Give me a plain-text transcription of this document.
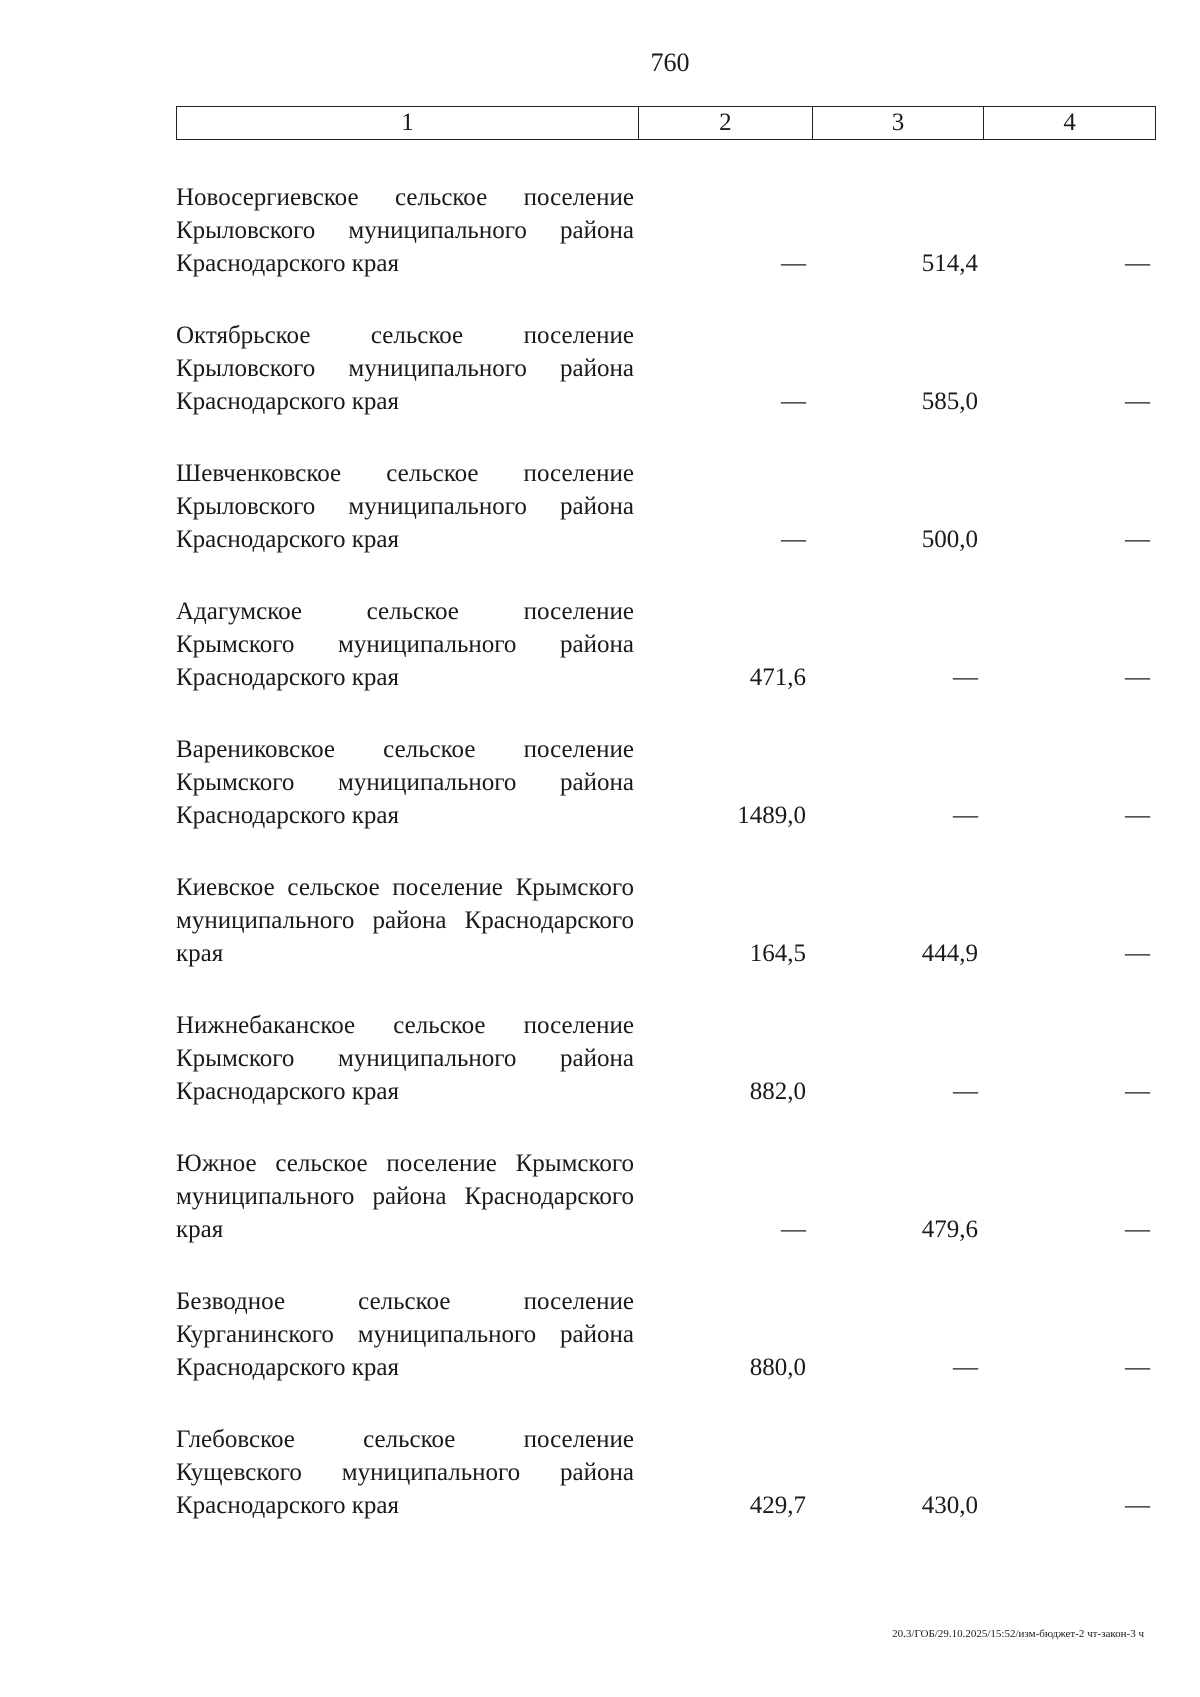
760
1	2	3	4
Новосергиевское сельское поселение Крыловского муниципального района Краснодарского края	—	514,4	—
Октябрьское сельское поселение Крыловского муниципального района Краснодарского края	—	585,0	—
Шевченковское сельское поселение Крыловского муниципального района Краснодарского края	—	500,0	—
Адагумское сельское поселение Крымского муниципального района Краснодарского края	471,6	—	—
Варениковское сельское поселение Крымского муниципального района Краснодарского края	1489,0	—	—
Киевское сельское поселение Крымского муниципального района Краснодарского края	164,5	444,9	—
Нижнебаканское сельское поселение Крымского муниципального района Краснодарского края	882,0	—	—
Южное сельское поселение Крымского муниципального района Краснодарского края	—	479,6	—
Безводное сельское поселение Курганинского муниципального района Краснодарского края	880,0	—	—
Глебовское сельское поселение Кущевского муниципального района Краснодарского края	429,7	430,0	—
20.3/ГОБ/29.10.2025/15:52/изм-бюджет-2 чт-закон-3 ч
